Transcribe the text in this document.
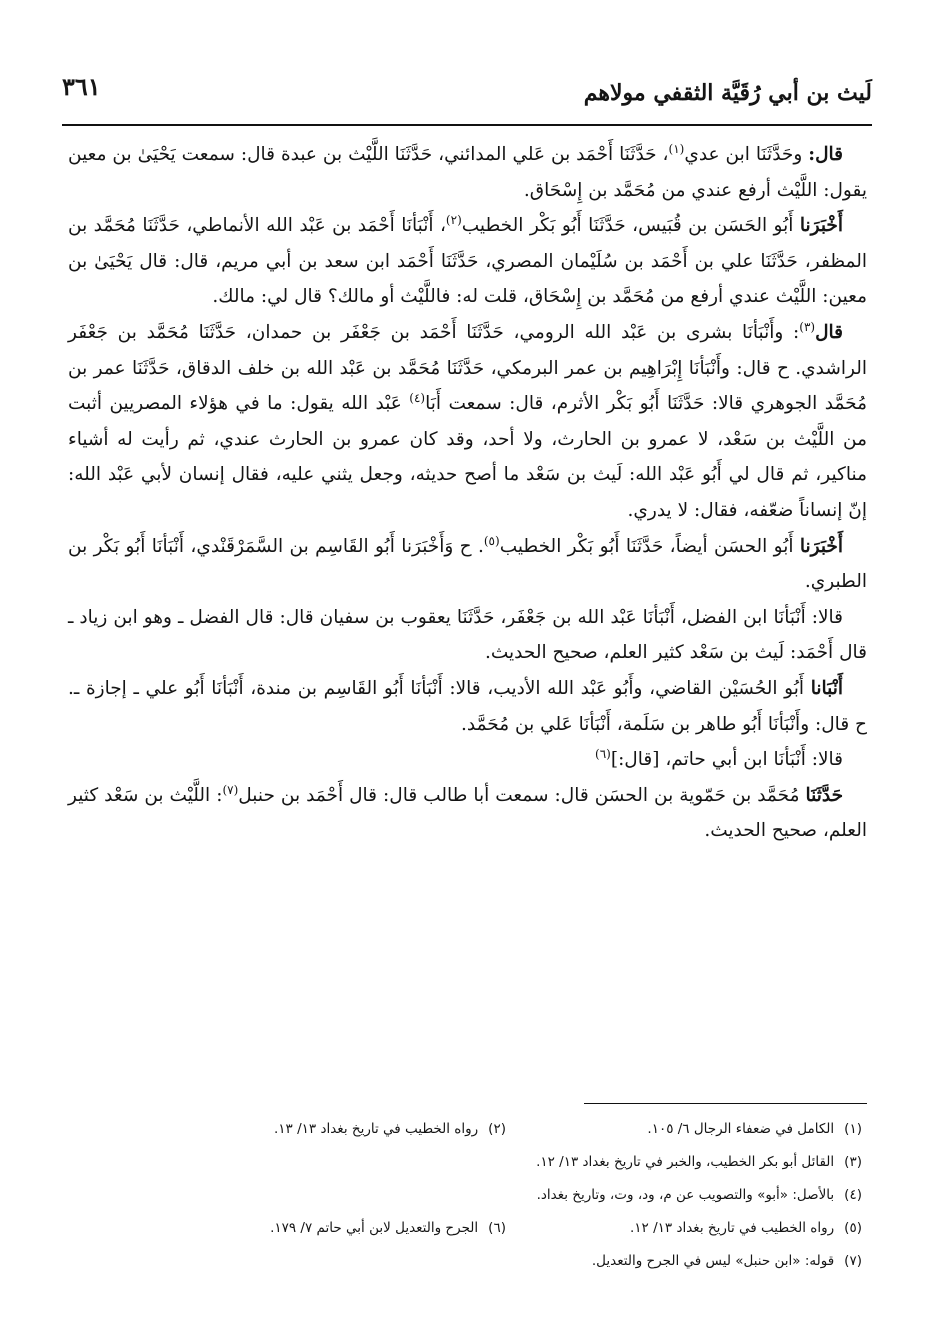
لَيث بن أبي رُقَيَّة الثقفي مولاهم
٣٦١

قال: وحَدَّثَنَا ابن عدي$^{(١)}$، حَدَّثَنَا أَحْمَد بن عَلي المدائني، حَدَّثَنَا اللَّيْث بن عبدة قال: سمعت يَحْيَىٰ بن معين يقول: اللَّيْث أرفع عندي من مُحَمَّد بن إِسْحَاق.

أَخْبَرَنا أَبُو الحَسَن بن قُبَيس، حَدَّثَنَا أَبُو بَكْر الخطيب$^{(٢)}$، أَنْبَأنَا أَحْمَد بن عَبْد الله الأنماطي، حَدَّثَنَا مُحَمَّد بن المظفر، حَدَّثَنَا علي بن أَحْمَد بن سُلَيْمان المصري، حَدَّثَنَا أَحْمَد ابن سعد بن أبي مريم، قال: قال يَحْيَىٰ بن معين: اللَّيْث عندي أرفع من مُحَمَّد بن إِسْحَاق، قلت له: فاللَّيْث أو مالك؟ قال لي: مالك.

قال$^{(٣)}$: وأَنْبَأنَا بشرى بن عَبْد الله الرومي، حَدَّثَنَا أَحْمَد بن جَعْفَر بن حمدان، حَدَّثَنَا مُحَمَّد بن جَعْفَر الراشدي. ح قال: وأَنْبَأنَا إِبْرَاهِيم بن عمر البرمكي، حَدَّثَنَا مُحَمَّد بن عَبْد الله بن خلف الدقاق، حَدَّثَنَا عمر بن مُحَمَّد الجوهري قالا: حَدَّثَنَا أَبُو بَكْر الأثرم، قال: سمعت أَبَا$^{(٤)}$ عَبْد الله يقول: ما في هؤلاء المصريين أثبت من اللَّيْث بن سَعْد، لا عمرو بن الحارث، ولا أحد، وقد كان عمرو بن الحارث عندي، ثم رأيت له أشياء مناكير، ثم قال لي أَبُو عَبْد الله: لَيث بن سَعْد ما أصح حديثه، وجعل يثني عليه، فقال إنسان لأبي عَبْد الله: إنّ إنساناً ضعّفه، فقال: لا يدري.

أَخْبَرَنا أَبُو الحسَن أيضاً، حَدَّثَنَا أَبُو بَكْر الخطيب$^{(٥)}$. ح وَأَخْبَرَنا أَبُو القَاسِم بن السَّمَرْقَنْدي، أَنْبَأنَا أَبُو بَكْر بن الطبري.

قالا: أَنْبَأنَا ابن الفضل، أَنْبَأنَا عَبْد الله بن جَعْفَر، حَدَّثَنَا يعقوب بن سفيان قال: قال الفضل ـ وهو ابن زياد ـ قال أَحْمَد: لَيث بن سَعْد كثير العلم، صحيح الحديث.

أَنْبَانا أَبُو الحُسَيْن القاضي، وأَبُو عَبْد الله الأديب، قالا: أَنْبَأنَا أَبُو القَاسِم بن مندة، أَنْبَأنَا أَبُو علي ـ إجازة ـ. ح قال: وأَنْبَأنَا أَبُو طاهر بن سَلَمة، أَنْبَأنَا عَلي بن مُحَمَّد.

قالا: أَنْبَأنَا ابن أبي حاتم، [قال:]$^{(٦)}$

حَدَّثَنَا مُحَمَّد بن حَمّوية بن الحسَن قال: سمعت أبا طالب قال: قال أَحْمَد بن حنبل$^{(٧)}$: اللَّيْث بن سَعْد كثير العلم، صحيح الحديث.

(١)
الكامل في ضعفاء الرجال ٦/ ١٠٥.
(٢)
رواه الخطيب في تاريخ بغداد ١٣/ ١٣.
(٣)
القائل أبو بكر الخطيب، والخبر في تاريخ بغداد ١٣/ ١٢.
(٤)
بالأصل: «أبو» والتصويب عن م، ود، وت، وتاريخ بغداد.
(٥)
رواه الخطيب في تاريخ بغداد ١٣/ ١٢.
(٦)
الجرح والتعديل لابن أبي حاتم ٧/ ١٧٩.
(٧)
قوله: «ابن حنبل» ليس في الجرح والتعديل.
